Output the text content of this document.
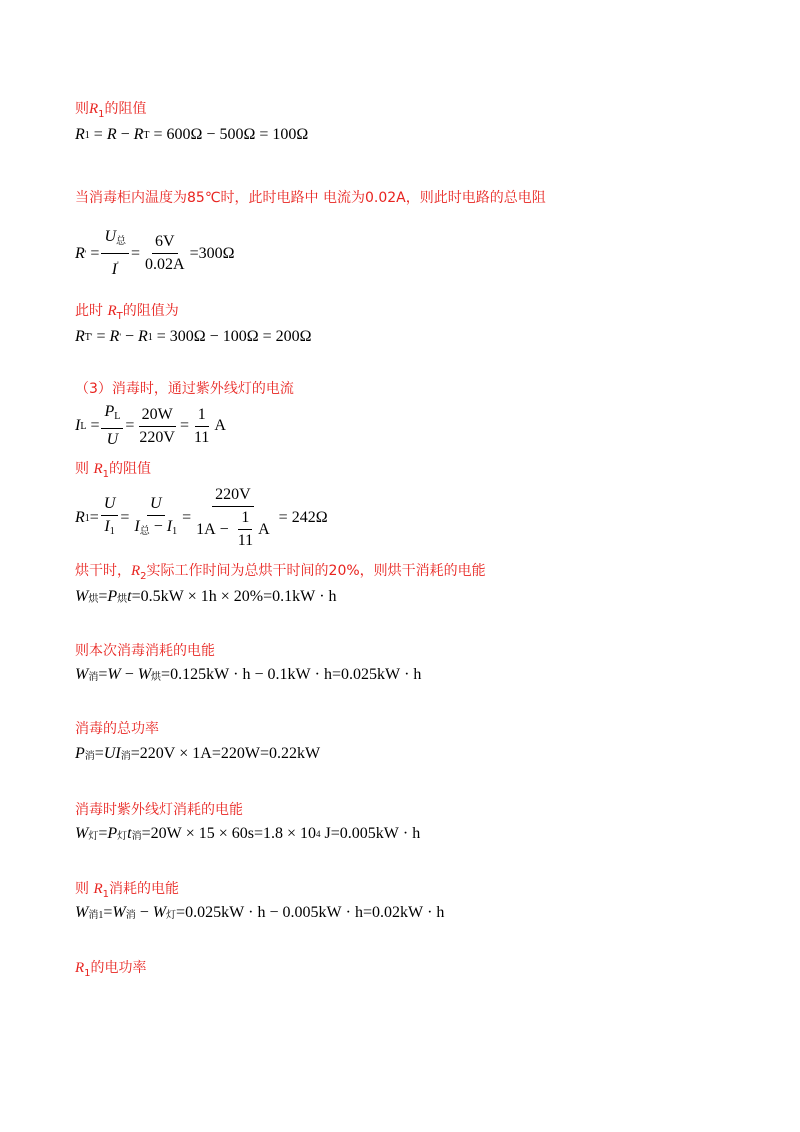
则$R_1$的阻值
R 1 = R − R T = 600Ω − 500Ω = 100Ω
当消毒柜内温度为85℃时，此时电路中 电流为0.02A，则此时电路的总电阻
R ' = $\frac{U_总}{I'} = \frac{6V}{0.02A} =300\Omega$
此时 $R_T$的阻值为
R T ' = R ' − R 1 = 300Ω − 100Ω = 200Ω
（3）消毒时，通过紫外线灯的电流
I $L = \frac{P_L}{U} = \frac{20W}{220V} = \frac{1}{11}$ A
则 $R_1$的阻值
R $1 = \frac{U}{I_1} = \frac{U}{I_总 - I_1} = \frac{220V}{1A - \frac{1}{11} A} = 242\Omega$
烘干时，$R_2$实际工作时间为总烘干时间的20%，则烘干消耗的电能
W 烘 = P 烘 t =0.5kW × 1h × 20%=0.1kW · h
则本次消毒消耗的电能
W 消 = W − W 烘 =0.125kW · h − 0.1kW · h=0.025kW · h
消毒的总功率
P 消 = UI 消 =220V × 1A=220W=0.22kW
消毒时紫外线灯消耗的电能
W 灯 = P 灯 t 消 =20W × 15 × 60s=1.8 × 10 4 J=0.005kW · h
则 $R_1$消耗的电能
W 消1 = W 消 − W 灯 =0.025kW · h − 0.005kW · h=0.02kW · h
$R_1$的电功率
